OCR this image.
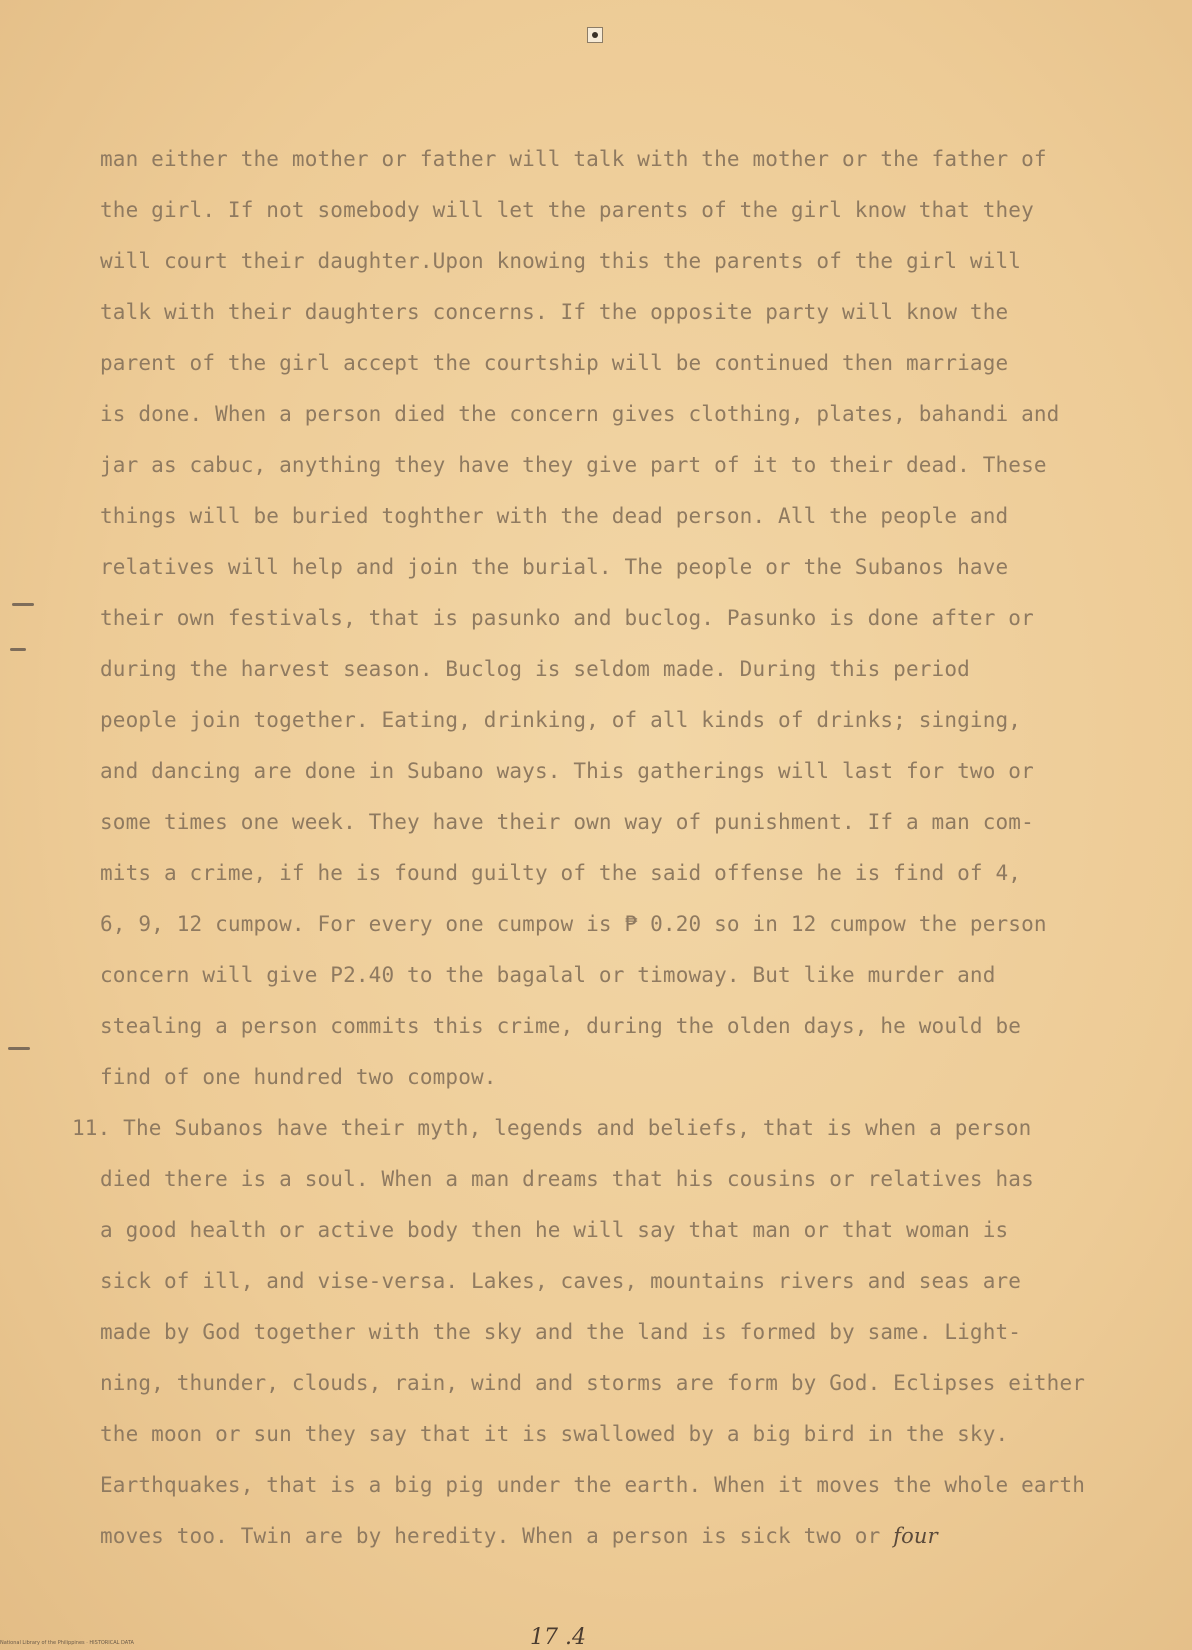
man either the mother or father will talk with the mother or the father of
the girl. If not somebody will let the parents of the girl know that they
will court their daughter.Upon knowing this the parents of the girl will
talk with their daughters concerns. If the opposite party will know the
parent of the girl accept the courtship will be continued then marriage
is done. When a person died the concern gives clothing, plates, bahandi and
jar as cabuc, anything they have they give part of it to their dead. These
things will be buried toghther with the dead person. All the people and
relatives will help and join the burial. The people or the Subanos have
their own festivals, that is pasunko and buclog. Pasunko is done after or
during the harvest season. Buclog is seldom made. During this period
people join together. Eating, drinking, of all kinds of drinks; singing,
and dancing are done in Subano ways. This gatherings will last for two or
some times one week. They have their own way of punishment. If a man com-
mits a crime, if he is found guilty of the said offense he is find of 4,
6, 9, 12 cumpow. For every one cumpow is ₱ 0.20 so in 12 cumpow the person
concern will give P2.40 to the bagalal or timoway. But like murder and
stealing a person commits this crime, during the olden days, he would be
find of one hundred two compow.
11. The Subanos have their myth, legends and beliefs, that is when a person
died there is a soul. When a man dreams that his cousins or relatives has
a good health or active body then he will say that man or that woman is
sick of ill, and vise-versa. Lakes, caves, mountains rivers and seas are
made by God together with the sky and the land is formed by same. Light-
ning, thunder, clouds, rain, wind and storms are form by God. Eclipses either
the moon or sun they say that it is swallowed by a big bird in the sky.
Earthquakes, that is a big pig under the earth. When it moves the whole earth
moves too. Twin are by heredity. When a person is sick two or four
17 .4
National Library of the Philippines · HISTORICAL DATA
